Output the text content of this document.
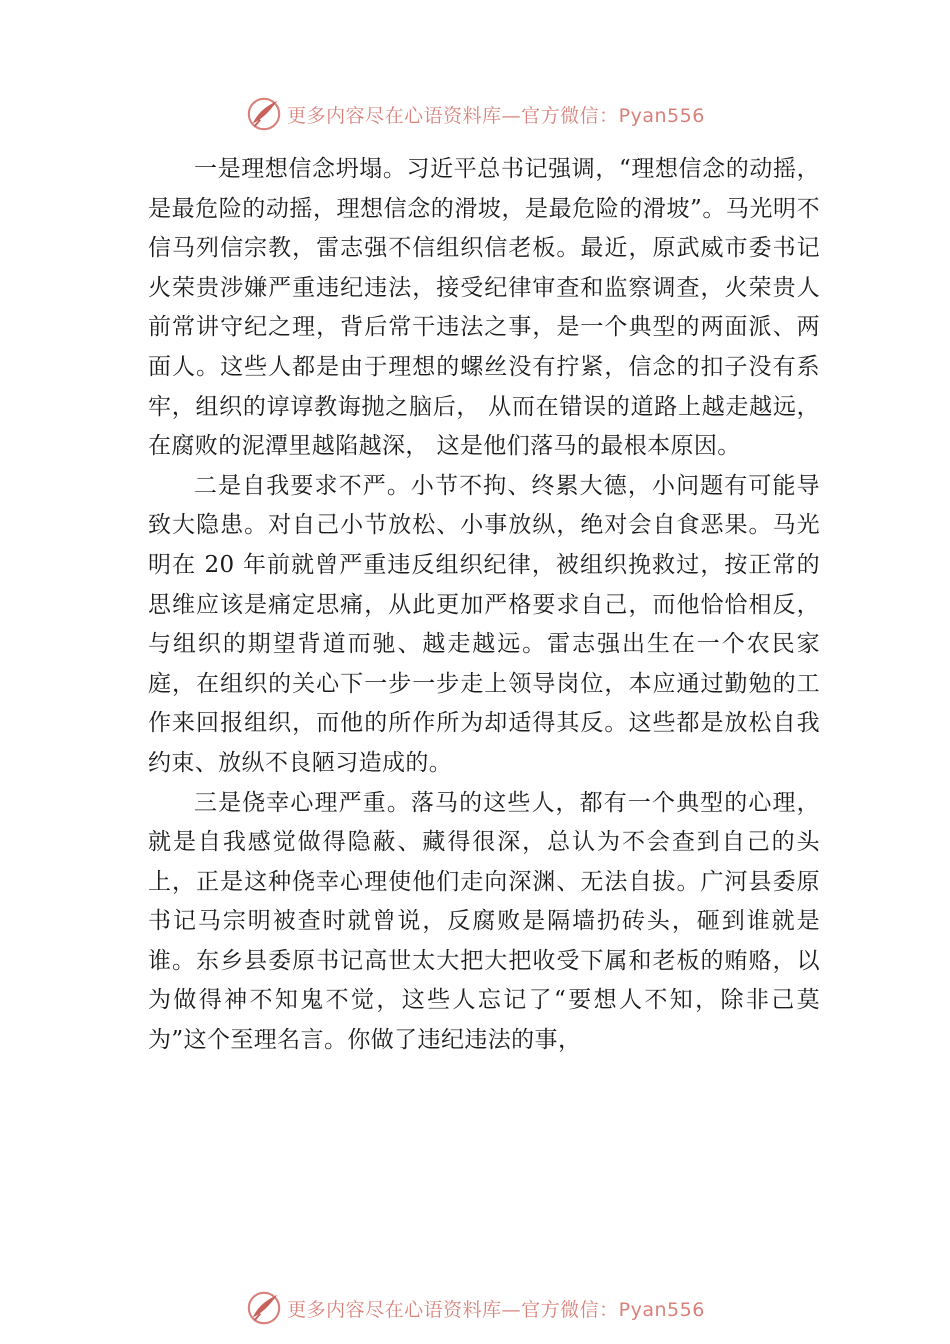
更多内容尽在心语资料库—官方微信：Pyan556

一是理想信念坍塌。习近平总书记强调，“理想信念的动摇，是最危险的动摇，理想信念的滑坡，是最危险的滑坡”。马光明不信马列信宗教，雷志强不信组织信老板。最近，原武威市委书记火荣贵涉嫌严重违纪违法，接受纪律审查和监察调查，火荣贵人前常讲守纪之理，背后常干违法之事，是一个典型的两面派、两面人。这些人都是由于理想的螺丝没有拧紧，信念的扣子没有系牢，组织的谆谆教诲抛之脑后， 从而在错误的道路上越走越远，在腐败的泥潭里越陷越深， 这是他们落马的最根本原因。

二是自我要求不严。小节不拘、终累大德，小问题有可能导致大隐患。对自己小节放松、小事放纵，绝对会自食恶果。马光明在 20 年前就曾严重违反组织纪律，被组织挽救过，按正常的思维应该是痛定思痛，从此更加严格要求自己，而他恰恰相反，与组织的期望背道而驰、越走越远。雷志强出生在一个农民家庭，在组织的关心下一步一步走上领导岗位，本应通过勤勉的工作来回报组织，而他的所作所为却适得其反。这些都是放松自我约束、放纵不良陋习造成的。

三是侥幸心理严重。落马的这些人，都有一个典型的心理，就是自我感觉做得隐蔽、藏得很深，总认为不会查到自己的头上，正是这种侥幸心理使他们走向深渊、无法自拔。广河县委原书记马宗明被查时就曾说，反腐败是隔墙扔砖头，砸到谁就是谁。东乡县委原书记高世太大把大把收受下属和老板的贿赂，以为做得神不知鬼不觉，这些人忘记了“要想人不知，除非己莫为”这个至理名言。你做了违纪违法的事，

更多内容尽在心语资料库—官方微信：Pyan556
